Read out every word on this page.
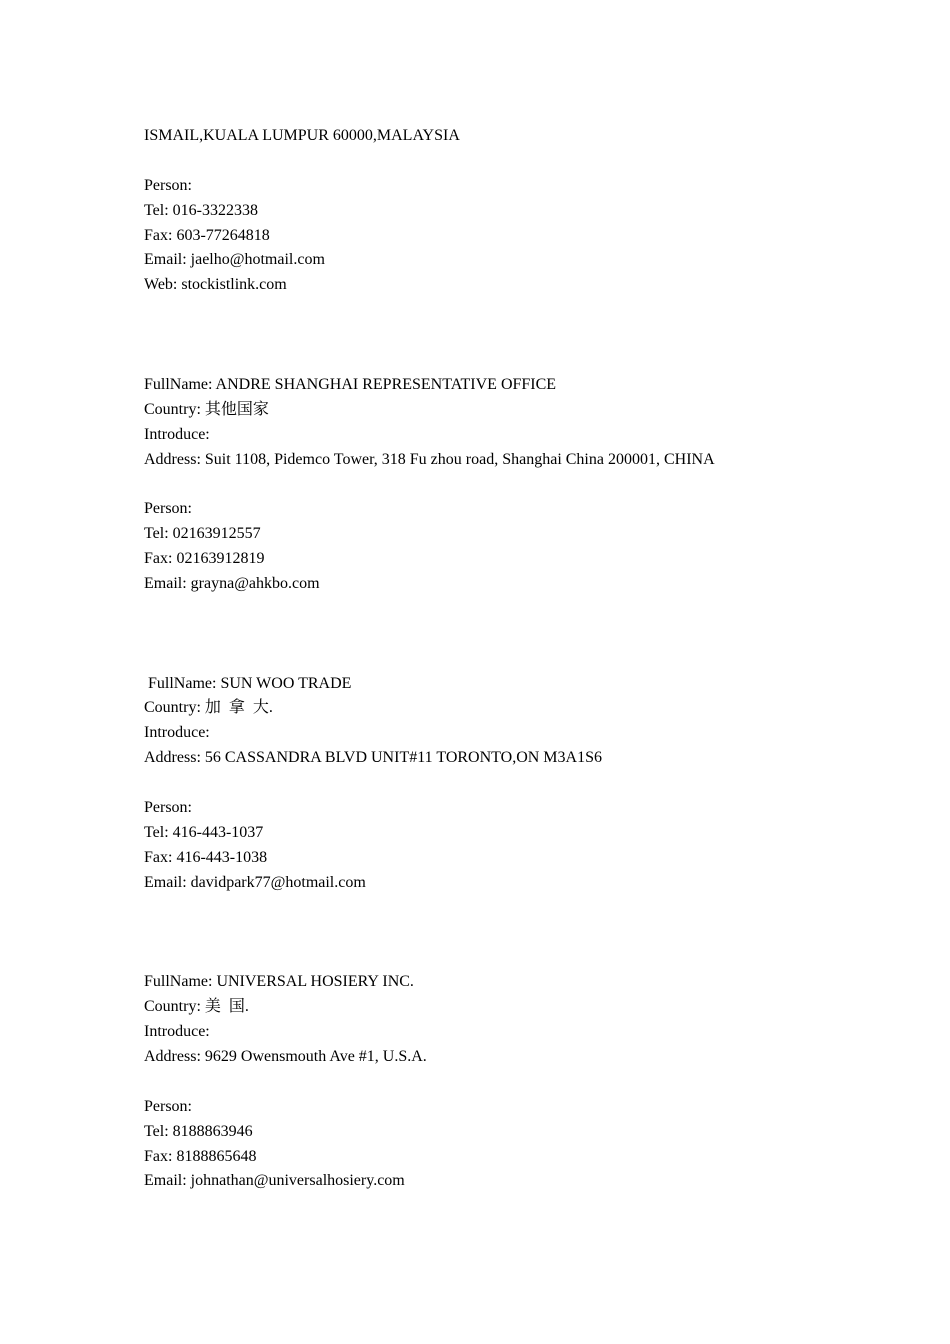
ISMAIL,KUALA LUMPUR 60000,MALAYSIA
Person:
Tel: 016-3322338
Fax: 603-77264818
Email: jaelho@hotmail.com
Web: stockistlink.com
FullName: ANDRE SHANGHAI REPRESENTATIVE OFFICE
Country: 其他国家
Introduce:
Address: Suit 1108, Pidemco Tower, 318 Fu zhou road, Shanghai China 200001, CHINA
Person:
Tel: 02163912557
Fax: 02163912819
Email: grayna@ahkbo.com
FullName: SUN WOO TRADE
Country: 加  拿  大.
Introduce:
Address: 56 CASSANDRA BLVD UNIT#11 TORONTO,ON M3A1S6
Person:
Tel: 416-443-1037
Fax: 416-443-1038
Email: davidpark77@hotmail.com
FullName: UNIVERSAL HOSIERY INC.
Country: 美  国.
Introduce:
Address: 9629 Owensmouth Ave #1, U.S.A.
Person:
Tel: 8188863946
Fax: 8188865648
Email: johnathan@universalhosiery.com
